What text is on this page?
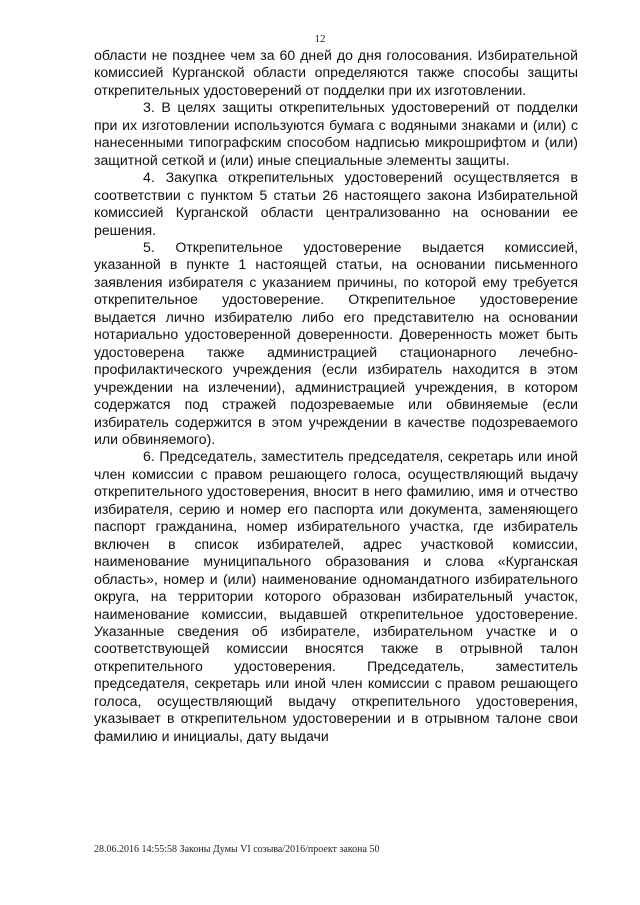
12

области не позднее чем за 60 дней до дня голосования. Избирательной комиссией Курганской области определяются также способы защиты открепительных удостоверений от подделки при их изготовлении.

3. В целях защиты открепительных удостоверений от подделки при их изготовлении используются бумага с водяными знаками и (или) с нанесенными типографским способом надписью микрошрифтом и (или) защитной сеткой и (или) иные специальные элементы защиты.

4. Закупка открепительных удостоверений осуществляется в соответствии с пунктом 5 статьи 26 настоящего закона Избирательной комиссией Курганской области централизованно на основании ее решения.

5. Открепительное удостоверение выдается комиссией, указанной в пункте 1 настоящей статьи, на основании письменного заявления избирателя с указанием причины, по которой ему требуется открепительное удостоверение. Открепительное удостоверение выдается лично избирателю либо его представителю на основании нотариально удостоверенной доверенности. Доверенность может быть удостоверена также администрацией стационарного лечебно-профилактического учреждения (если избиратель находится в этом учреждении на излечении), администрацией учреждения, в котором содержатся под стражей подозреваемые или обвиняемые (если избиратель содержится в этом учреждении в качестве подозреваемого или обвиняемого).

6. Председатель, заместитель председателя, секретарь или иной член комиссии с правом решающего голоса, осуществляющий выдачу открепительного удостоверения, вносит в него фамилию, имя и отчество избирателя, серию и номер его паспорта или документа, заменяющего паспорт гражданина, номер избирательного участка, где избиратель включен в список избирателей, адрес участковой комиссии, наименование муниципального образования и слова «Курганская область», номер и (или) наименование одномандатного избирательного округа, на территории которого образован избирательный участок, наименование комиссии, выдавшей открепительное удостоверение. Указанные сведения об избирателе, избирательном участке и о соответствующей комиссии вносятся также в отрывной талон открепительного удостоверения. Председатель, заместитель председателя, секретарь или иной член комиссии с правом решающего голоса, осуществляющий выдачу открепительного удостоверения, указывает в открепительном удостоверении и в отрывном талоне свои фамилию и инициалы, дату выдачи

28.06.2016 14:55:58 Законы Думы VI созыва/2016/проект закона 50
